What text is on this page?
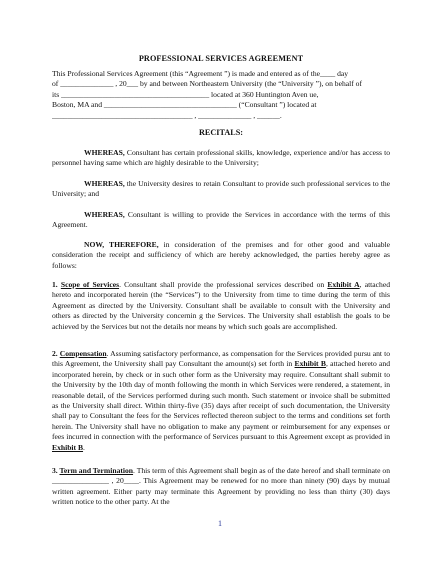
PROFESSIONAL SERVICES AGREEMENT
This Professional Services Agreement (this “Agreement ”) is made and entered as of the____ day
of ______________ , 20___ by and between Northeastern University (the “University ”), on behalf of
its _______________________________________ located at 360 Huntington Aven ue,
Boston, MA and ___________________________________ (“Consultant ”) located at
_____________________________________ , ______________ , ______.
RECITALS:
WHEREAS, Consultant has certain professional skills, knowledge, experience and/or has access to personnel having same which are highly desirable to the University;
WHEREAS, the University desires to retain Consultant to provide such professional services to the University; and
WHEREAS, Consultant is willing to provide the Services in accordance with the terms of this Agreement.
NOW, THEREFORE, in consideration of the premises and for other good and valuable consideration the receipt and sufficiency of which are hereby acknowledged, the parties hereby agree as follows:
1. Scope of Services. Consultant shall provide the professional services described on Exhibit A, attached hereto and incorporated herein (the “Services”) to the University from time to time during the term of this Agreement as directed by the University. Consultant shall be available to consult with the University and others as directed by the University concernin g the Services. The University shall establish the goals to be achieved by the Services but not the details nor means by which such goals are accomplished.
2. Compensation. Assuming satisfactory performance, as compensation for the Services provided pursu ant to this Agreement, the University shall pay Consultant the amount(s) set forth in Exhibit B, attached hereto and incorporated herein, by check or in such other form as the University may require. Consultant shall submit to the University by the 10th day of month following the month in which Services were rendered, a statement, in reasonable detail, of the Services performed during such month. Such statement or invoice shall be submitted as the University shall direct. Within thirty-five (35) days after receipt of such documentation, the University shall pay to Consultant the fees for the Services reflected thereon subject to the terms and conditions set forth herein. The University shall have no obligation to make any payment or reimbursement for any expenses or fees incurred in connection with the performance of Services pursuant to this Agreement except as provided in Exhibit B.
3. Term and Termination. This term of this Agreement shall begin as of the date hereof and shall terminate on _______________ , 20____. This Agreement may be renewed for no more than ninety (90) days by mutual written agreement. Either party may terminate this Agreement by providing no less than thirty (30) days written notice to the other party. At the
1
